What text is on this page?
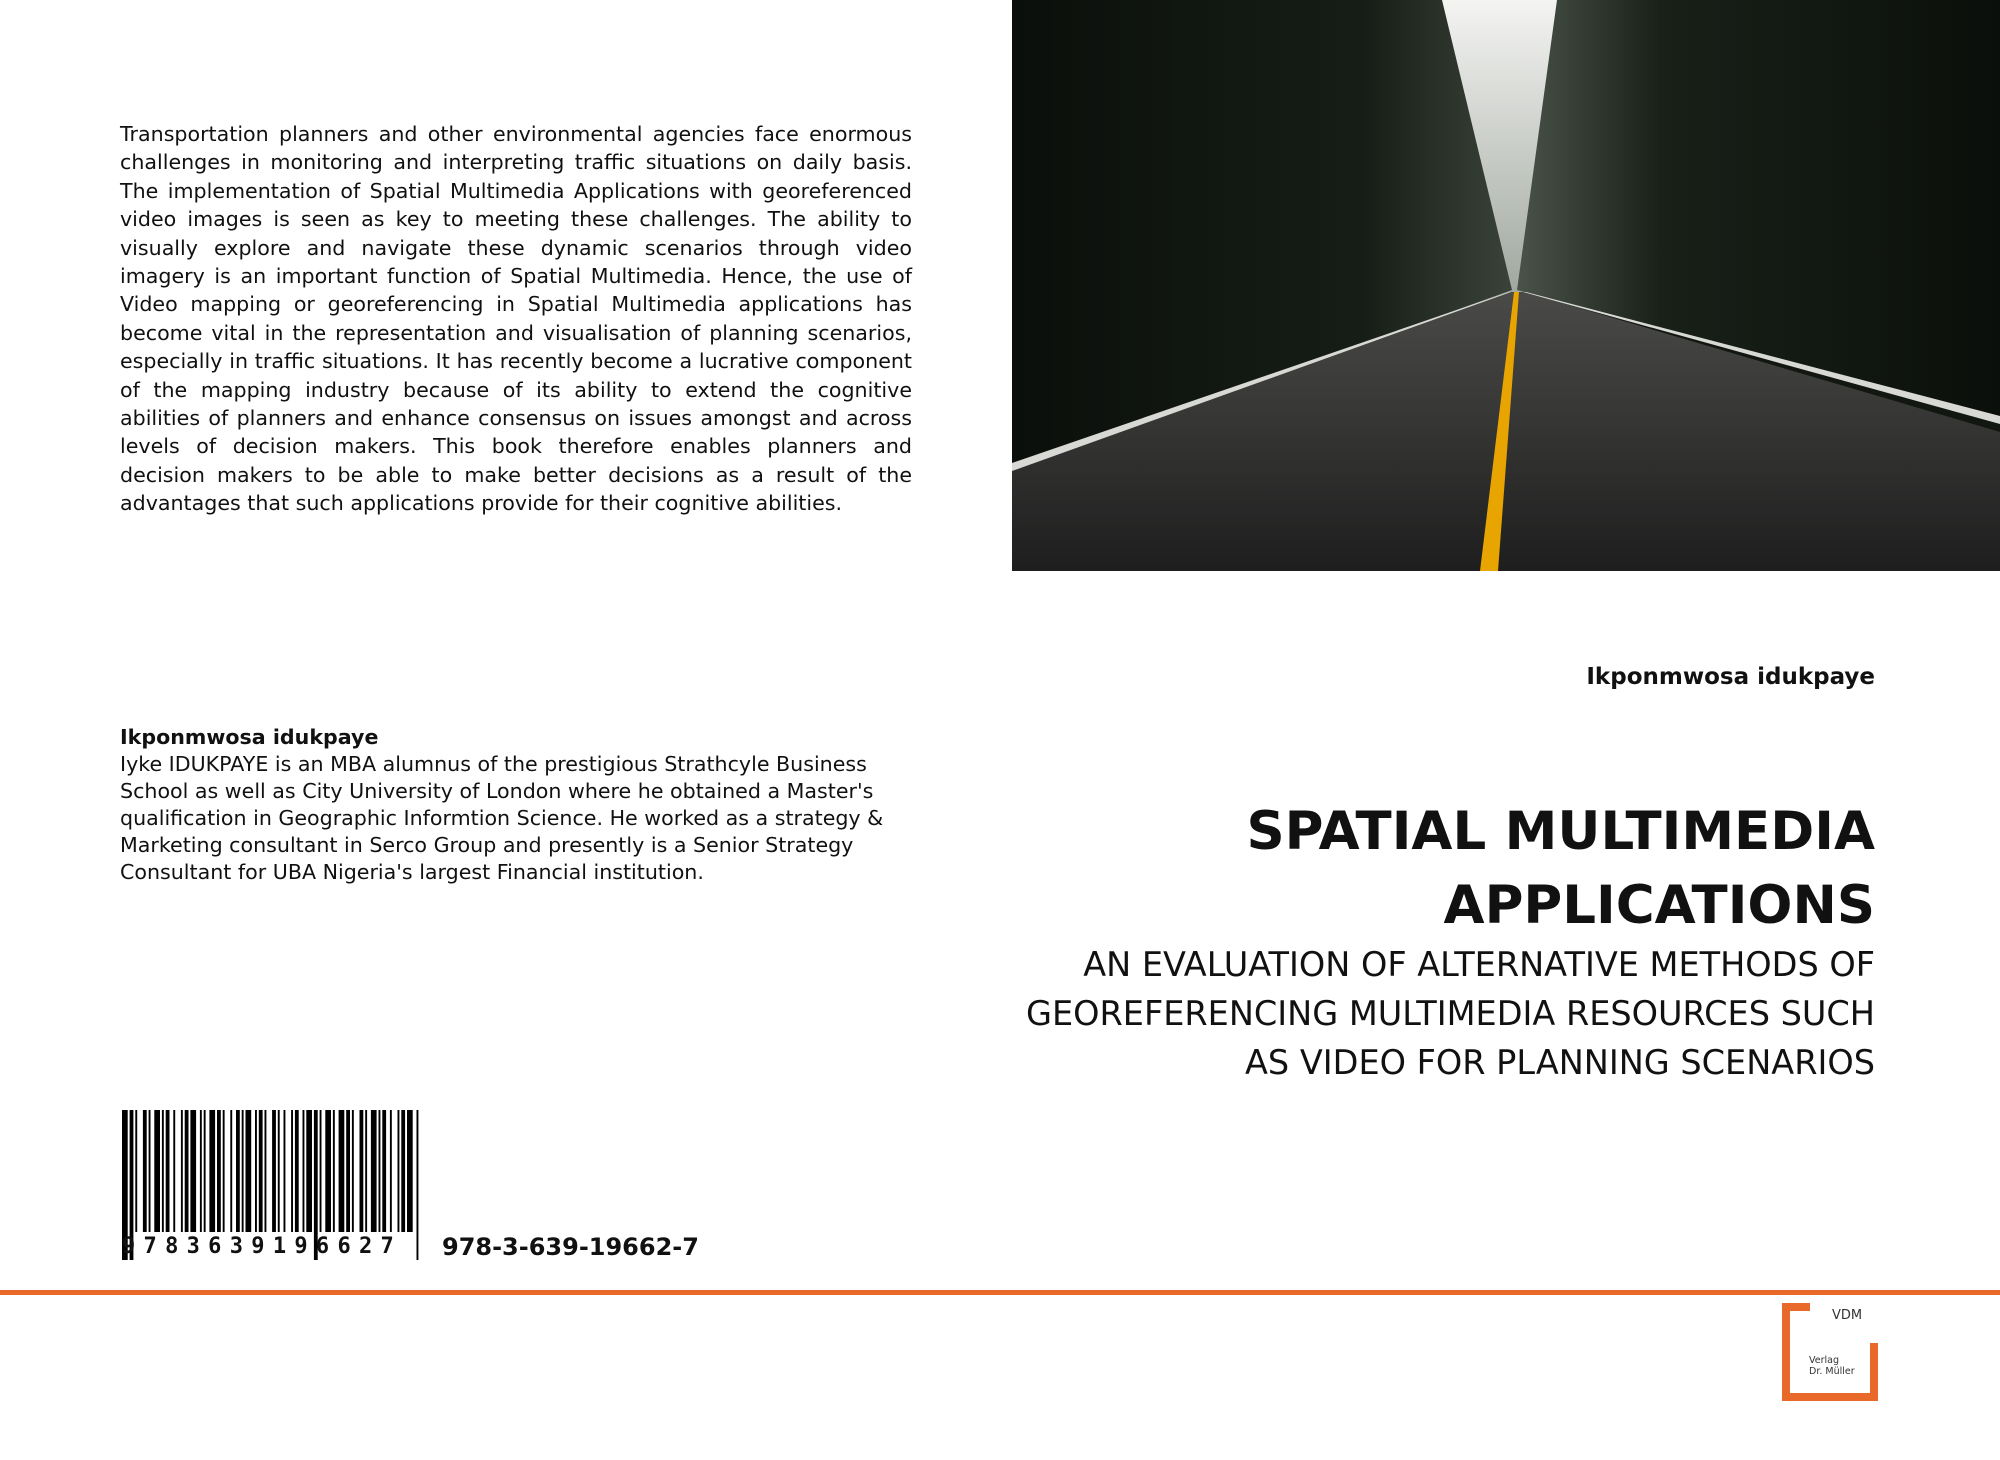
Transportation planners and other environmental agencies face enormous challenges in monitoring and interpreting traffic situations on daily basis. The implementation of Spatial Multimedia Applications with georeferenced video images is seen as key to meeting these challenges. The ability to visually explore and navigate these dynamic scenarios through video imagery is an important function of Spatial Multimedia. Hence, the use of Video mapping or georeferencing in Spatial Multimedia applications has become vital in the representation and visualisation of planning scenarios, especially in traffic situations. It has recently become a lucrative component of the mapping industry because of its ability to extend the cognitive abilities of planners and enhance consensus on issues amongst and across levels of decision makers. This book therefore enables planners and decision makers to be able to make better decisions as a result of the advantages that such applications provide for their cognitive abilities.

Ikponmwosa idukpaye
Iyke IDUKPAYE is an MBA alumnus of the prestigious Strathcyle Business School as well as City University of London where he obtained a Master's qualification in Geographic Informtion Science. He worked as a strategy & Marketing consultant in Serco Group and presently is a Senior Strategy Consultant for UBA Nigeria's largest Financial institution.
9783639196627	978-3-639-19662-7
Ikponmwosa idukpaye
SPATIAL MULTIMEDIA APPLICATIONS

AN EVALUATION OF ALTERNATIVE METHODS OF GEOREFERENCING MULTIMEDIA RESOURCES SUCH AS VIDEO FOR PLANNING SCENARIOS

VDM
Verlag
Dr. Müller
